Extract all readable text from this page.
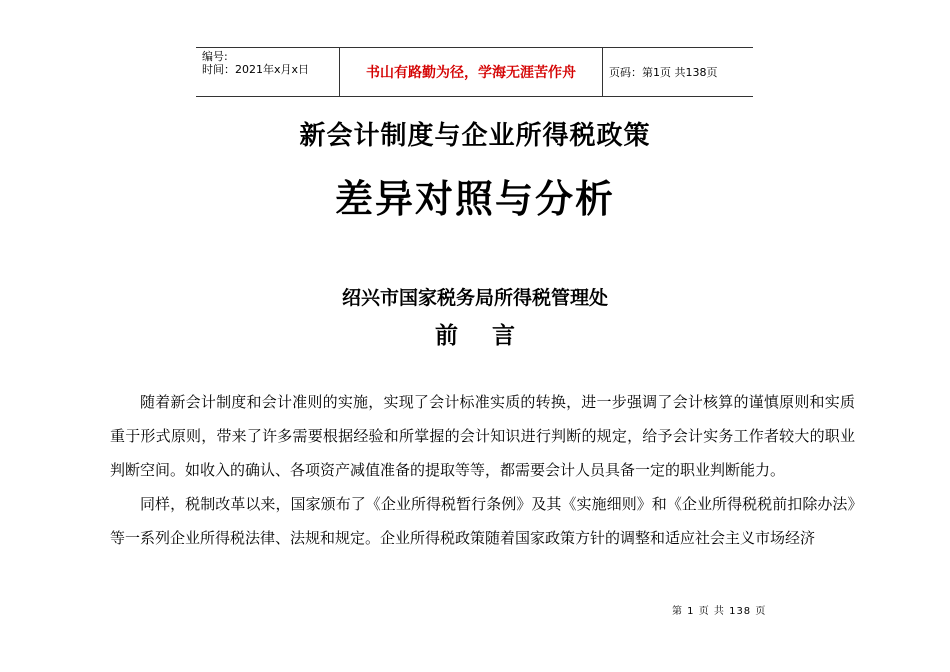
编号:
时间：2021年x月x日	书山有路勤为径，学海无涯苦作舟	页码：第1页 共138页
新会计制度与企业所得税政策
差异对照与分析
绍兴市国家税务局所得税管理处
前言

随着新会计制度和会计准则的实施，实现了会计标准实质的转换，进一步强调了会计核算的谨慎原则和实质重于形式原则，带来了许多需要根据经验和所掌握的会计知识进行判断的规定，给予会计实务工作者较大的职业判断空间。如收入的确认、各项资产减值准备的提取等等，都需要会计人员具备一定的职业判断能力。

同样，税制改革以来，国家颁布了《企业所得税暂行条例》及其《实施细则》和《企业所得税税前扣除办法》等一系列企业所得税法律、法规和规定。企业所得税政策随着国家政策方针的调整和适应社会主义市场经济

第 1 页 共 138 页
